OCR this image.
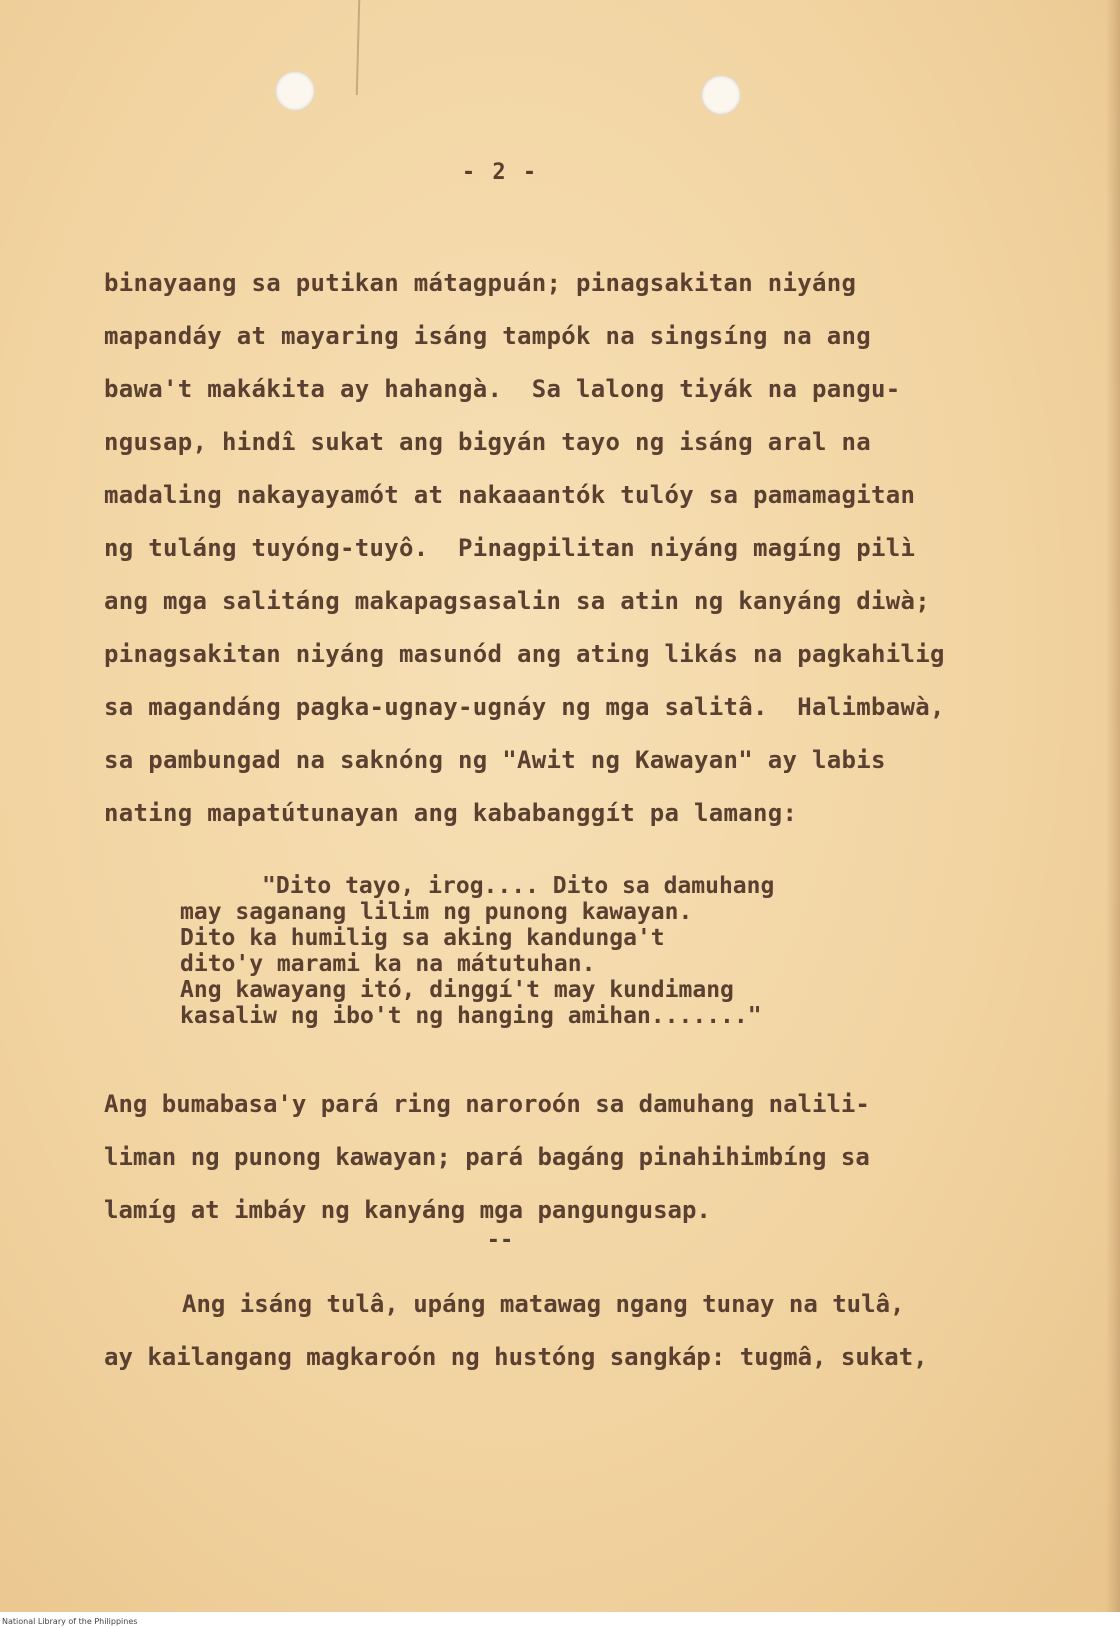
- 2 -
binayaang sa putikan mátagpuán; pinagsakitan niyáng
mapandáy at mayaring isáng tampók na singsíng na ang
bawa't makákita ay hahangà.  Sa lalong tiyák na pangu-
ngusap, hindî sukat ang bigyán tayo ng isáng aral na
madaling nakayayamót at nakaaantók tulóy sa pamamagitan
ng tuláng tuyóng-tuyô.  Pinagpilitan niyáng magíng pilì
ang mga salitáng makapagsasalin sa atin ng kanyáng diwà;
pinagsakitan niyáng masunód ang ating likás na pagkahilig
sa magandáng pagka-ugnay-ugnáy ng mga salitâ.  Halimbawà,
sa pambungad na saknóng ng "Awit ng Kawayan" ay labis
nating mapatútunayan ang kababanggít pa lamang:
"Dito tayo, irog.... Dito sa damuhang
may saganang lilim ng punong kawayan.
Dito ka humilig sa aking kandunga't
dito'y marami ka na mátutuhan.
Ang kawayang itó, dinggí't may kundimang
kasaliw ng ibo't ng hanging amihan......."
Ang bumabasa'y pará ring naroroón sa damuhang nalili-
liman ng punong kawayan; pará bagáng pinahihimbíng sa
lamíg at imbáy ng kanyáng mga pangungusap.
--
Ang isáng tulâ, upáng matawag ngang tunay na tulâ,
ay kailangang magkaroón ng hustóng sangkáp: tugmâ, sukat,
National Library of the Philippines
